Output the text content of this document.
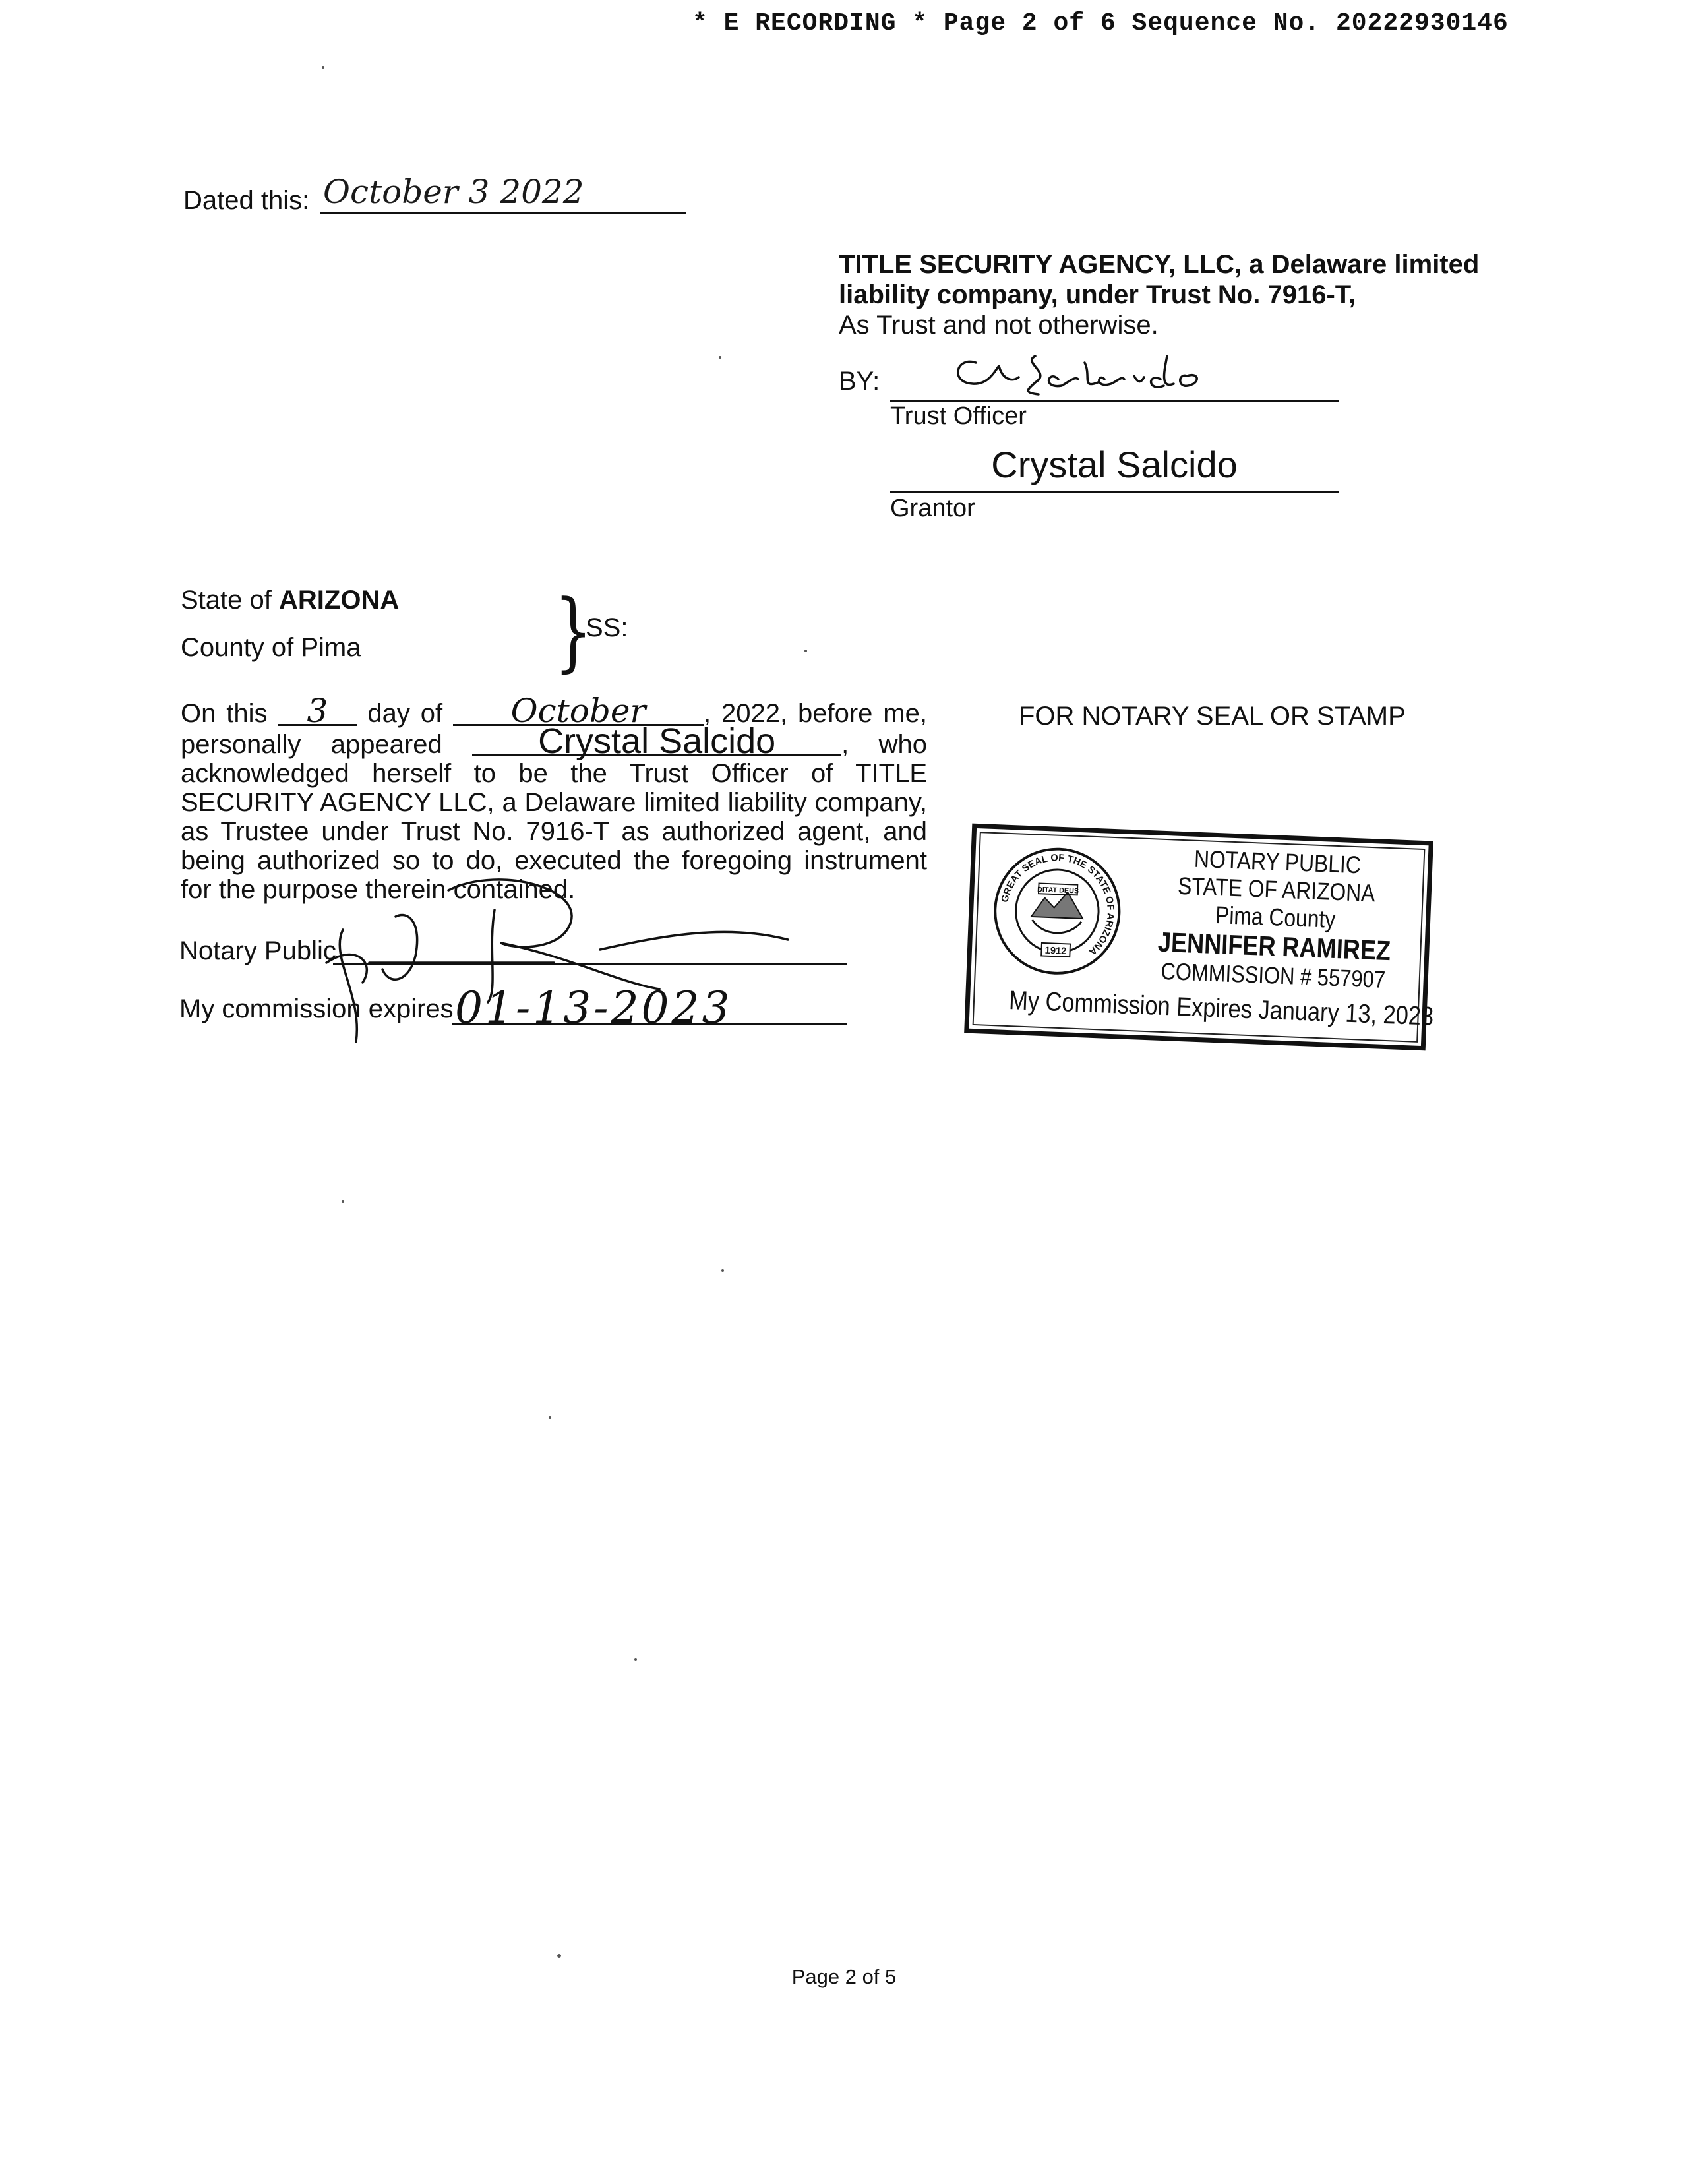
* E RECORDING * Page 2 of 6 Sequence No. 20222930146
Dated this: October 3 2022
TITLE SECURITY AGENCY, LLC, a Delaware limited
liability company, under Trust No. 7916-T,
As Trust and not otherwise.
BY:
Trust Officer
Crystal Salcido
Grantor
State of ARIZONA
County of Pima }
SS:
On this 3 day of October , 2022, before me, personally appeared	Crystal Salcido , who acknowledged herself to be the Trust Officer of TITLE SECURITY AGENCY LLC, a Delaware limited liability company, as Trustee under Trust No. 7916-T as authorized agent, and being authorized so to do, executed the foregoing instrument for the purpose therein contained.
Notary Public
My commission expires 01-13-2023
FOR NOTARY SEAL OR STAMP
GREAT SEAL OF THE STATE OF ARIZONA
DITAT DEUS
1912
NOTARY PUBLIC
STATE OF ARIZONA
Pima County
JENNIFER RAMIREZ
COMMISSION # 557907
My Commission Expires January 13, 2023
Page 2 of 5
